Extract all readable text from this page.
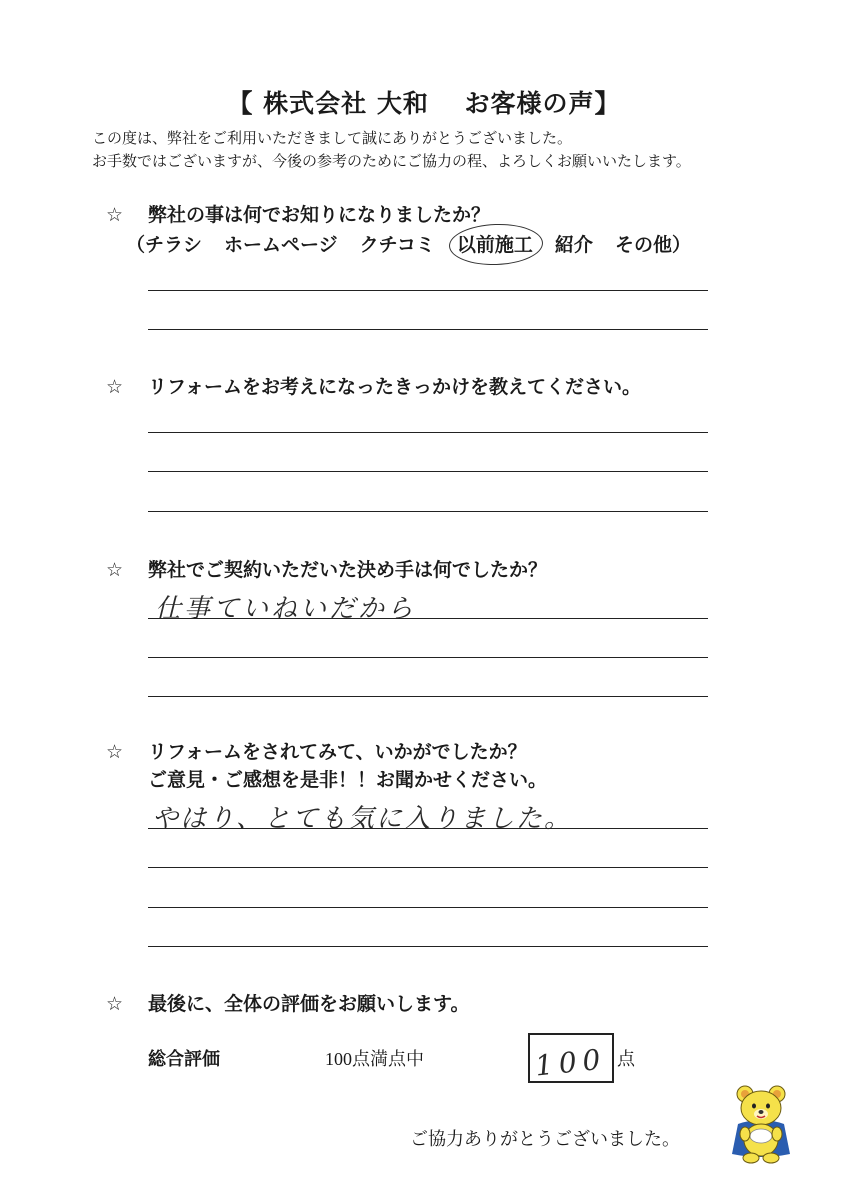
【 株式会社 大和　 お客様の声】
この度は、弊社をご利用いただきまして誠にありがとうございました。
お手数ではございますが、今後の参考のためにご協力の程、よろしくお願いいたします。
☆ 弊社の事は何でお知りになりましたか？
（チラシ ホームページ クチコミ 以前施工 紹介 その他）
☆ リフォームをお考えになったきっかけを教えてください。
☆ 弊社でご契約いただいた決め手は何でしたか？
仕事ていねいだから
☆ リフォームをされてみて、いかがでしたか？
ご意見・ご感想を是非！！お聞かせください。
やはり、とても気に入りました。
☆ 最後に、全体の評価をお願いします。
総合評価	100点満点中	100 点
ご協力ありがとうございました。
